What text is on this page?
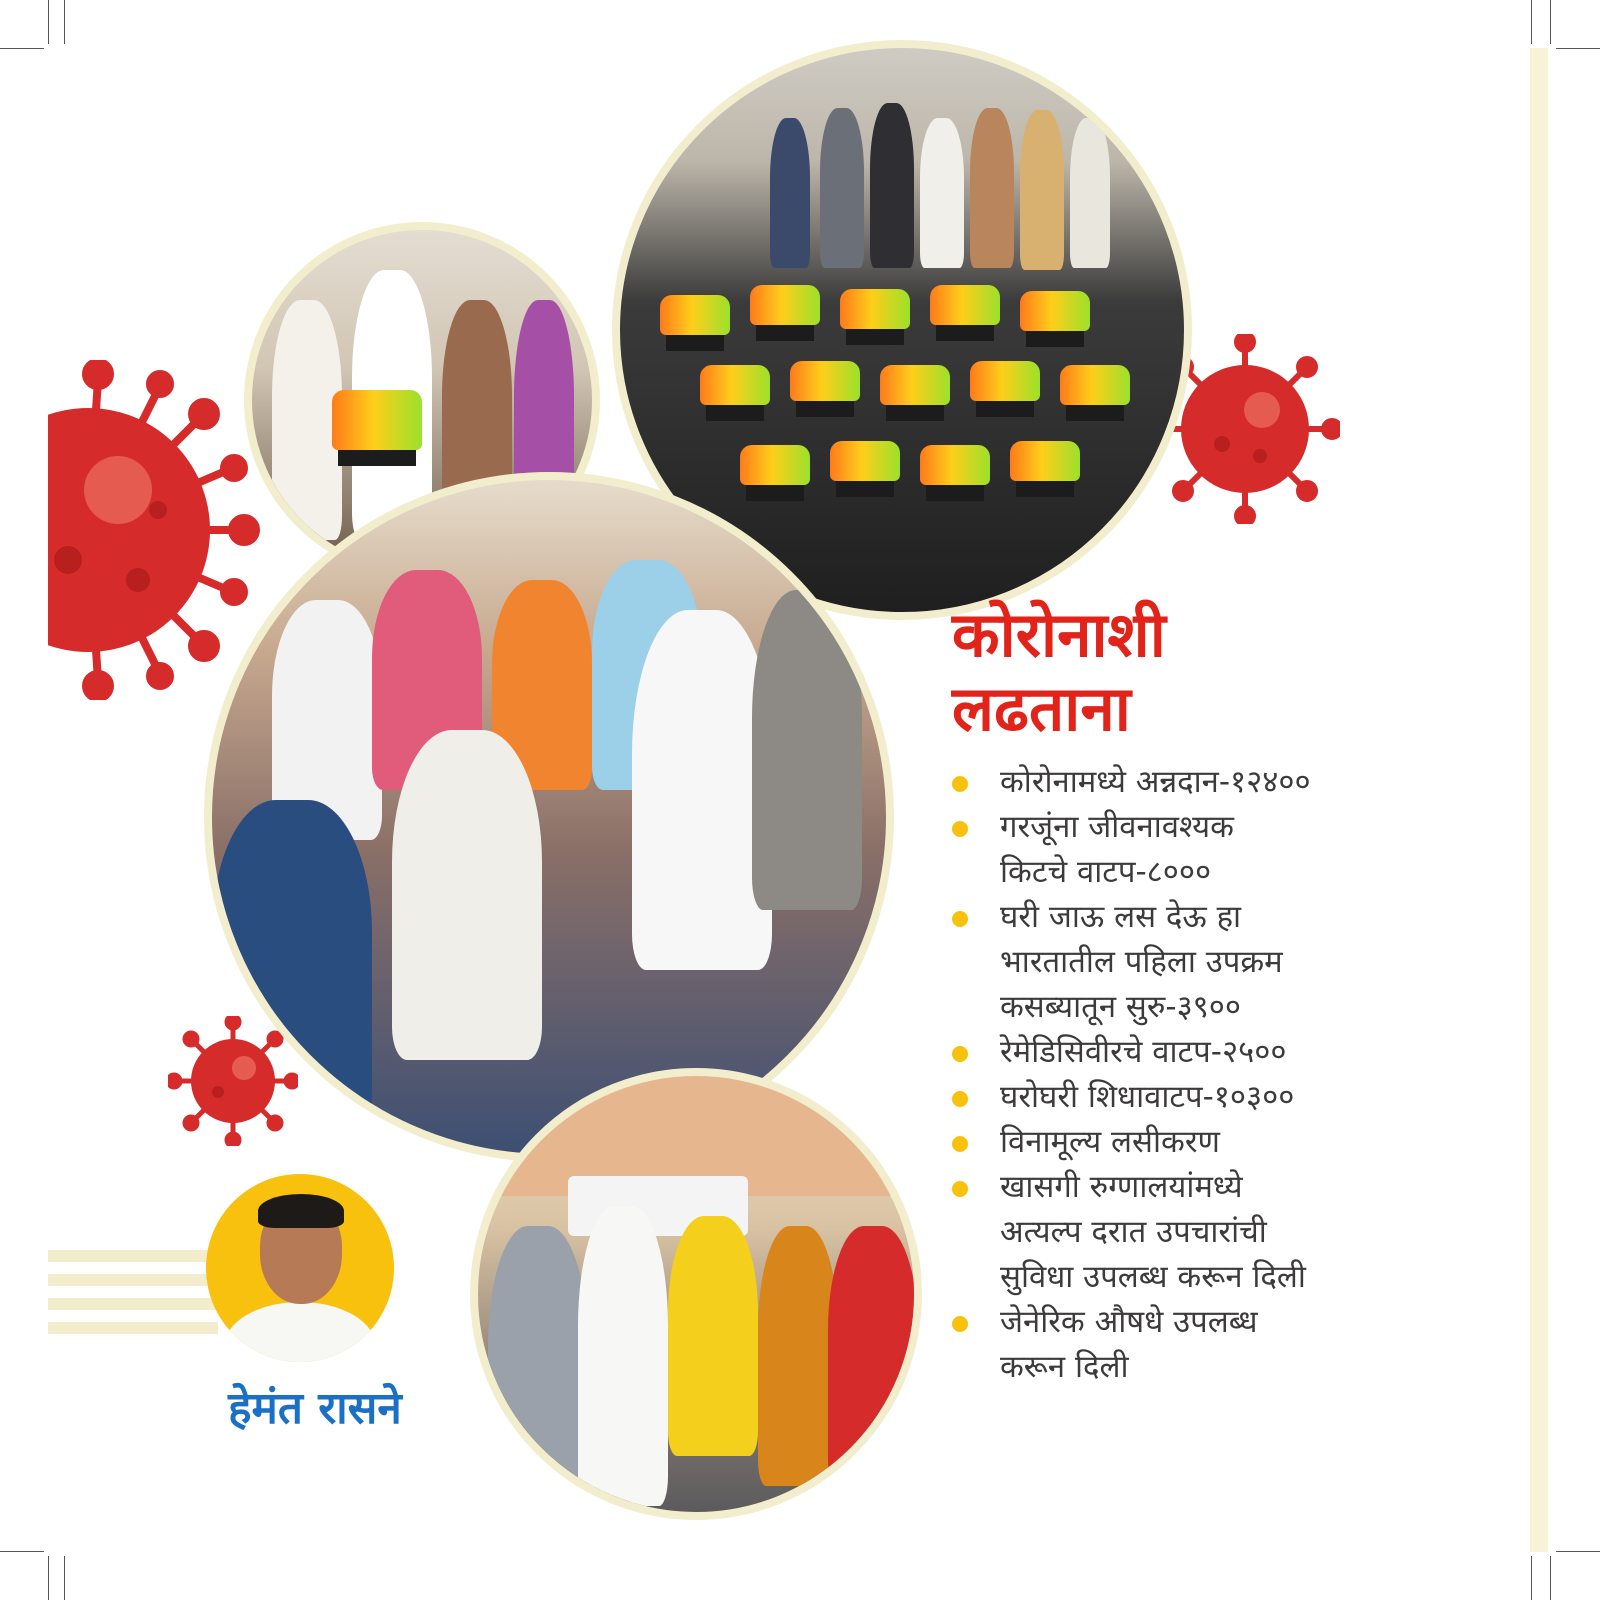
कोरोनाशी
लढताना
कोरोनामध्ये अन्नदान-१२४००
गरजूंना जीवनावश्यक
किटचे वाटप-८०००
घरी जाऊ लस देऊ हा
भारतातील पहिला उपक्रम
कसब्यातून सुरु-३९००
रेमेडिसिवीरचे वाटप-२५००
घरोघरी शिधावाटप-१०३००
विनामूल्य लसीकरण
खासगी रुग्णालयांमध्ये
अत्यल्प दरात उपचारांची
सुविधा उपलब्ध करून दिली
जेनेरिक औषधे उपलब्ध
करून दिली

हेमंत रासने
